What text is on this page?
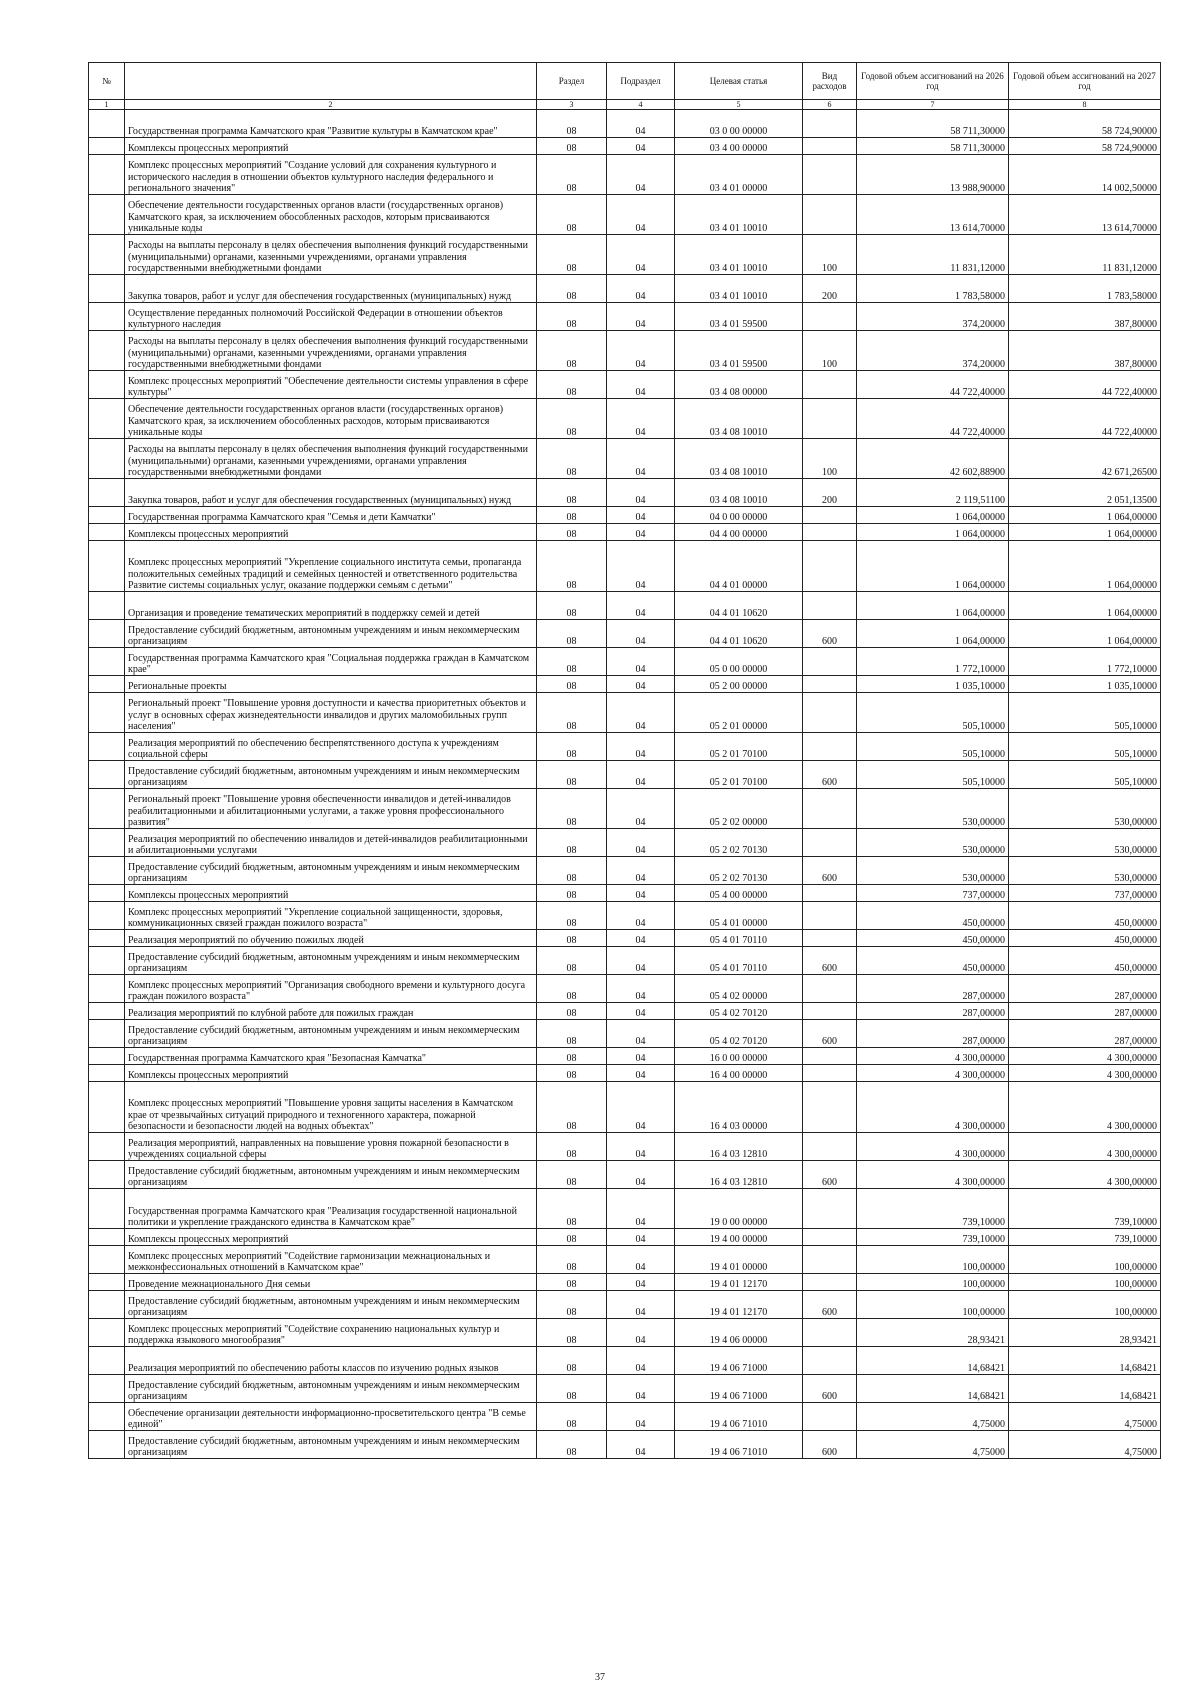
№		Раздел	Подраздел	Целевая статья	Вид расходов	Годовой объем ассигнований на 2026 год	Годовой объем ассигнований на 2027 год
1	2	3	4	5	6	7	8
	Государственная программа Камчатского края "Развитие культуры в Камчатском крае"	08	04	03 0 00 00000		58 711,30000	58 724,90000
	Комплексы процессных мероприятий	08	04	03 4 00 00000		58 711,30000	58 724,90000
	Комплекс процессных мероприятий "Создание условий для сохранения культурного и исторического наследия в отношении объектов культурного наследия федерального и регионального значения"	08	04	03 4 01 00000		13 988,90000	14 002,50000
	Обеспечение деятельности государственных органов власти (государственных органов) Камчатского края, за исключением обособленных расходов, которым присваиваются уникальные коды	08	04	03 4 01 10010		13 614,70000	13 614,70000
	Расходы на выплаты персоналу в целях обеспечения выполнения функций государственными (муниципальными) органами, казенными учреждениями, органами управления государственными внебюджетными фондами	08	04	03 4 01 10010	100	11 831,12000	11 831,12000
	Закупка товаров, работ и услуг для обеспечения государственных (муниципальных) нужд	08	04	03 4 01 10010	200	1 783,58000	1 783,58000
	Осуществление переданных полномочий Российской Федерации в отношении объектов культурного наследия	08	04	03 4 01 59500		374,20000	387,80000
	Расходы на выплаты персоналу в целях обеспечения выполнения функций государственными (муниципальными) органами, казенными учреждениями, органами управления государственными внебюджетными фондами	08	04	03 4 01 59500	100	374,20000	387,80000
	Комплекс процессных мероприятий "Обеспечение деятельности системы управления в сфере культуры"	08	04	03 4 08 00000		44 722,40000	44 722,40000
	Обеспечение деятельности государственных органов власти (государственных органов) Камчатского края, за исключением обособленных расходов, которым присваиваются уникальные коды	08	04	03 4 08 10010		44 722,40000	44 722,40000
	Расходы на выплаты персоналу в целях обеспечения выполнения функций государственными (муниципальными) органами, казенными учреждениями, органами управления государственными внебюджетными фондами	08	04	03 4 08 10010	100	42 602,88900	42 671,26500
	Закупка товаров, работ и услуг для обеспечения государственных (муниципальных) нужд	08	04	03 4 08 10010	200	2 119,51100	2 051,13500
	Государственная программа Камчатского края "Семья и дети Камчатки"	08	04	04 0 00 00000		1 064,00000	1 064,00000
	Комплексы процессных мероприятий	08	04	04 4 00 00000		1 064,00000	1 064,00000
	Комплекс процессных мероприятий "Укрепление социального института семьи, пропаганда положительных семейных традиций и семейных ценностей и ответственного родительства Развитие системы социальных услуг, оказание поддержки семьям с детьми"	08	04	04 4 01 00000		1 064,00000	1 064,00000
	Организация и проведение тематических мероприятий в поддержку семей и детей	08	04	04 4 01 10620		1 064,00000	1 064,00000
	Предоставление субсидий бюджетным, автономным учреждениям и иным некоммерческим организациям	08	04	04 4 01 10620	600	1 064,00000	1 064,00000
	Государственная программа Камчатского края "Социальная поддержка граждан в Камчатском крае"	08	04	05 0 00 00000		1 772,10000	1 772,10000
	Региональные проекты	08	04	05 2 00 00000		1 035,10000	1 035,10000
	Региональный проект "Повышение уровня доступности и качества приоритетных объектов и услуг в основных сферах жизнедеятельности инвалидов и других маломобильных групп населения"	08	04	05 2 01 00000		505,10000	505,10000
	Реализация мероприятий по обеспечению беспрепятственного доступа к учреждениям социальной сферы	08	04	05 2 01 70100		505,10000	505,10000
	Предоставление субсидий бюджетным, автономным учреждениям и иным некоммерческим организациям	08	04	05 2 01 70100	600	505,10000	505,10000
	Региональный проект "Повышение уровня обеспеченности инвалидов и детей-инвалидов реабилитационными и абилитационными услугами, а также уровня профессионального развития"	08	04	05 2 02 00000		530,00000	530,00000
	Реализация мероприятий по обеспечению инвалидов и детей-инвалидов реабилитационными и абилитационными услугами	08	04	05 2 02 70130		530,00000	530,00000
	Предоставление субсидий бюджетным, автономным учреждениям и иным некоммерческим организациям	08	04	05 2 02 70130	600	530,00000	530,00000
	Комплексы процессных мероприятий	08	04	05 4 00 00000		737,00000	737,00000
	Комплекс процессных мероприятий "Укрепление социальной защищенности, здоровья, коммуникационных связей граждан пожилого возраста"	08	04	05 4 01 00000		450,00000	450,00000
	Реализация мероприятий по обучению пожилых людей	08	04	05 4 01 70110		450,00000	450,00000
	Предоставление субсидий бюджетным, автономным учреждениям и иным некоммерческим организациям	08	04	05 4 01 70110	600	450,00000	450,00000
	Комплекс процессных мероприятий "Организация свободного времени и культурного досуга граждан пожилого возраста"	08	04	05 4 02 00000		287,00000	287,00000
	Реализация мероприятий по клубной работе для пожилых граждан	08	04	05 4 02 70120		287,00000	287,00000
	Предоставление субсидий бюджетным, автономным учреждениям и иным некоммерческим организациям	08	04	05 4 02 70120	600	287,00000	287,00000
	Государственная программа Камчатского края "Безопасная Камчатка"	08	04	16 0 00 00000		4 300,00000	4 300,00000
	Комплексы процессных мероприятий	08	04	16 4 00 00000		4 300,00000	4 300,00000
	Комплекс процессных мероприятий "Повышение уровня защиты населения в Камчатском крае от чрезвычайных ситуаций природного и техногенного характера, пожарной безопасности и безопасности людей на водных объектах"	08	04	16 4 03 00000		4 300,00000	4 300,00000
	Реализация мероприятий, направленных на повышение уровня пожарной безопасности в учреждениях социальной сферы	08	04	16 4 03 12810		4 300,00000	4 300,00000
	Предоставление субсидий бюджетным, автономным учреждениям и иным некоммерческим организациям	08	04	16 4 03 12810	600	4 300,00000	4 300,00000
	Государственная программа Камчатского края "Реализация государственной национальной политики и укрепление гражданского единства в Камчатском крае"	08	04	19 0 00 00000		739,10000	739,10000
	Комплексы процессных мероприятий	08	04	19 4 00 00000		739,10000	739,10000
	Комплекс процессных мероприятий "Содействие гармонизации межнациональных и межконфессиональных отношений в Камчатском крае"	08	04	19 4 01 00000		100,00000	100,00000
	Проведение межнационального Дня семьи	08	04	19 4 01 12170		100,00000	100,00000
	Предоставление субсидий бюджетным, автономным учреждениям и иным некоммерческим организациям	08	04	19 4 01 12170	600	100,00000	100,00000
	Комплекс процессных мероприятий "Содействие сохранению национальных культур и поддержка языкового многообразия"	08	04	19 4 06 00000		28,93421	28,93421
	Реализация мероприятий по обеспечению работы классов по изучению родных языков	08	04	19 4 06 71000		14,68421	14,68421
	Предоставление субсидий бюджетным, автономным учреждениям и иным некоммерческим организациям	08	04	19 4 06 71000	600	14,68421	14,68421
	Обеспечение организации деятельности информационно-просветительского центра "В семье единой"	08	04	19 4 06 71010		4,75000	4,75000
	Предоставление субсидий бюджетным, автономным учреждениям и иным некоммерческим организациям	08	04	19 4 06 71010	600	4,75000	4,75000
37
